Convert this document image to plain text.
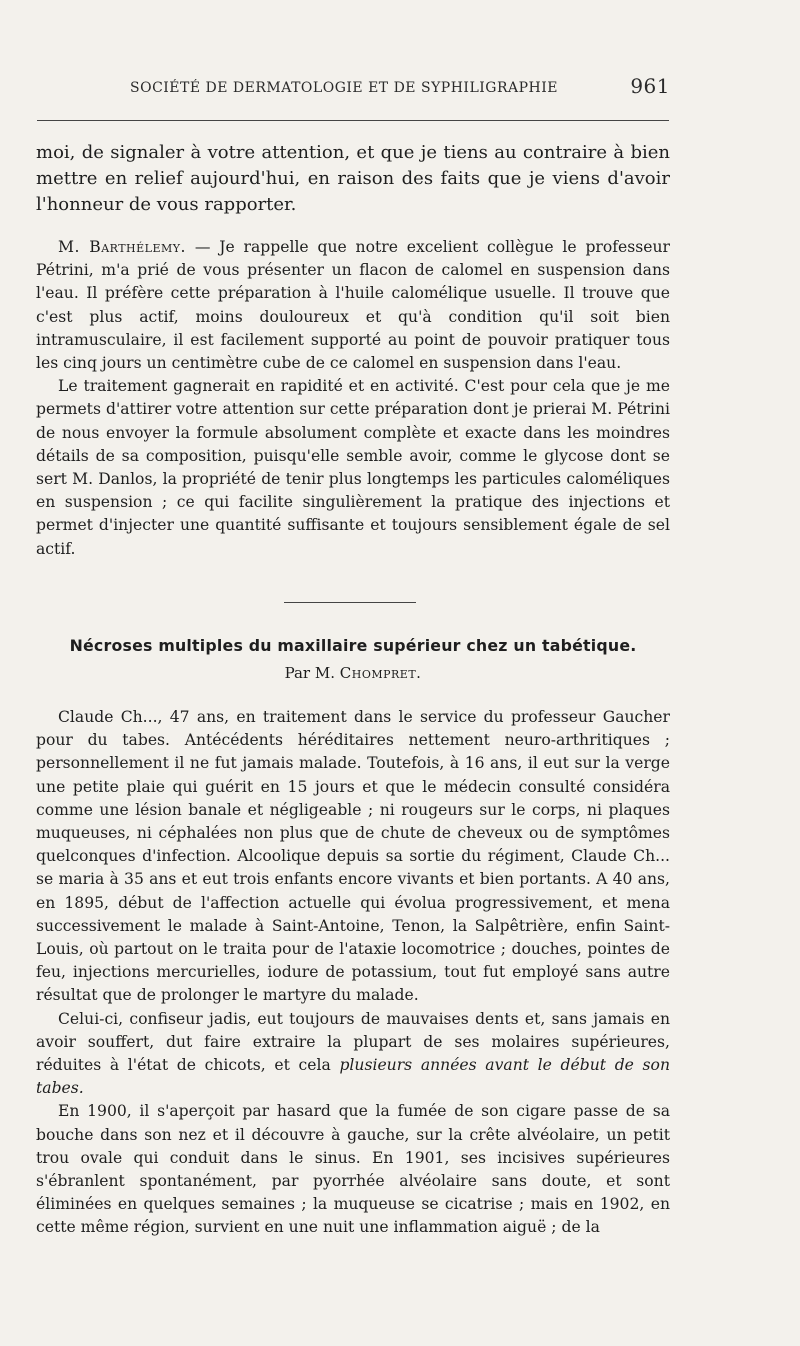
SOCIÉTÉ DE DERMATOLOGIE ET DE SYPHILIGRAPHIE	961

moi, de signaler à votre attention, et que je tiens au contraire à bien mettre en relief aujourd'hui, en raison des faits que je viens d'avoir l'honneur de vous rapporter.

M. Barthélemy. — Je rappelle que notre excelient collègue le professeur Pétrini, m'a prié de vous présenter un flacon de calomel en suspension dans l'eau. Il préfère cette préparation à l'huile calomélique usuelle. Il trouve que c'est plus actif, moins douloureux et qu'à condition qu'il soit bien intramusculaire, il est facilement supporté au point de pouvoir pratiquer tous les cinq jours un centimètre cube de ce calomel en suspension dans l'eau.

Le traitement gagnerait en rapidité et en activité. C'est pour cela que je me permets d'attirer votre attention sur cette préparation dont je prierai M. Pétrini de nous envoyer la formule absolument complète et exacte dans les moindres détails de sa composition, puisqu'elle semble avoir, comme le glycose dont se sert M. Danlos, la propriété de tenir plus longtemps les particules caloméliques en suspension ; ce qui facilite singulièrement la pratique des injections et permet d'injecter une quantité suffisante et toujours sensiblement égale de sel actif.

Nécroses multiples du maxillaire supérieur chez un tabétique.
Par M. Chompret.

Claude Ch..., 47 ans, en traitement dans le service du professeur Gaucher pour du tabes. Antécédents héréditaires nettement neuro-arthritiques ; personnellement il ne fut jamais malade. Toutefois, à 16 ans, il eut sur la verge une petite plaie qui guérit en 15 jours et que le médecin consulté considéra comme une lésion banale et négligeable ; ni rougeurs sur le corps, ni plaques muqueuses, ni céphalées non plus que de chute de cheveux ou de symptômes quelconques d'infection. Alcoolique depuis sa sortie du régiment, Claude Ch... se maria à 35 ans et eut trois enfants encore vivants et bien portants. A 40 ans, en 1895, début de l'affection actuelle qui évolua progressivement, et mena successivement le malade à Saint-Antoine, Tenon, la Salpêtrière, enfin Saint-Louis, où partout on le traita pour de l'ataxie locomotrice ; douches, pointes de feu, injections mercurielles, iodure de potassium, tout fut employé sans autre résultat que de prolonger le martyre du malade.

Celui-ci, confiseur jadis, eut toujours de mauvaises dents et, sans jamais en avoir souffert, dut faire extraire la plupart de ses molaires supérieures, réduites à l'état de chicots, et cela plusieurs années avant le début de son tabes.

En 1900, il s'aperçoit par hasard que la fumée de son cigare passe de sa bouche dans son nez et il découvre à gauche, sur la crête alvéolaire, un petit trou ovale qui conduit dans le sinus. En 1901, ses incisives supérieures s'ébranlent spontanément, par pyorrhée alvéolaire sans doute, et sont éliminées en quelques semaines ; la muqueuse se cicatrise ; mais en 1902, en cette même région, survient en une nuit une inflammation aiguë ; de la
